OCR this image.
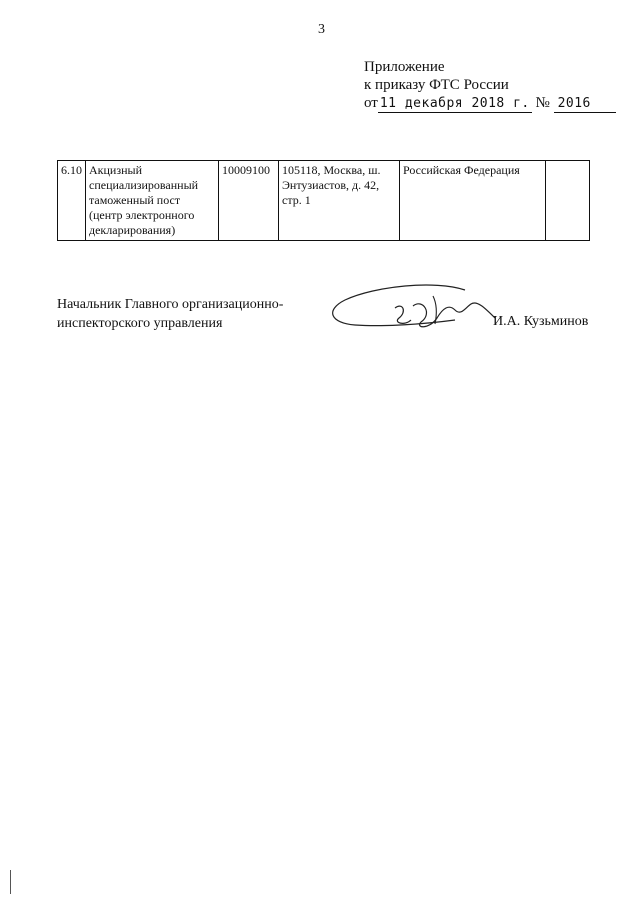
3
Приложение
к приказу ФТС России
от 11 декабря 2018 г. № 2016
6.10	Акцизный специализированный таможенный пост (центр электронного декларирования)	10009100	105118, Москва, ш. Энтузиастов, д. 42, стр. 1	Российская Федерация	
Начальник Главного организационно-
инспекторского управления	И.А. Кузьминов
